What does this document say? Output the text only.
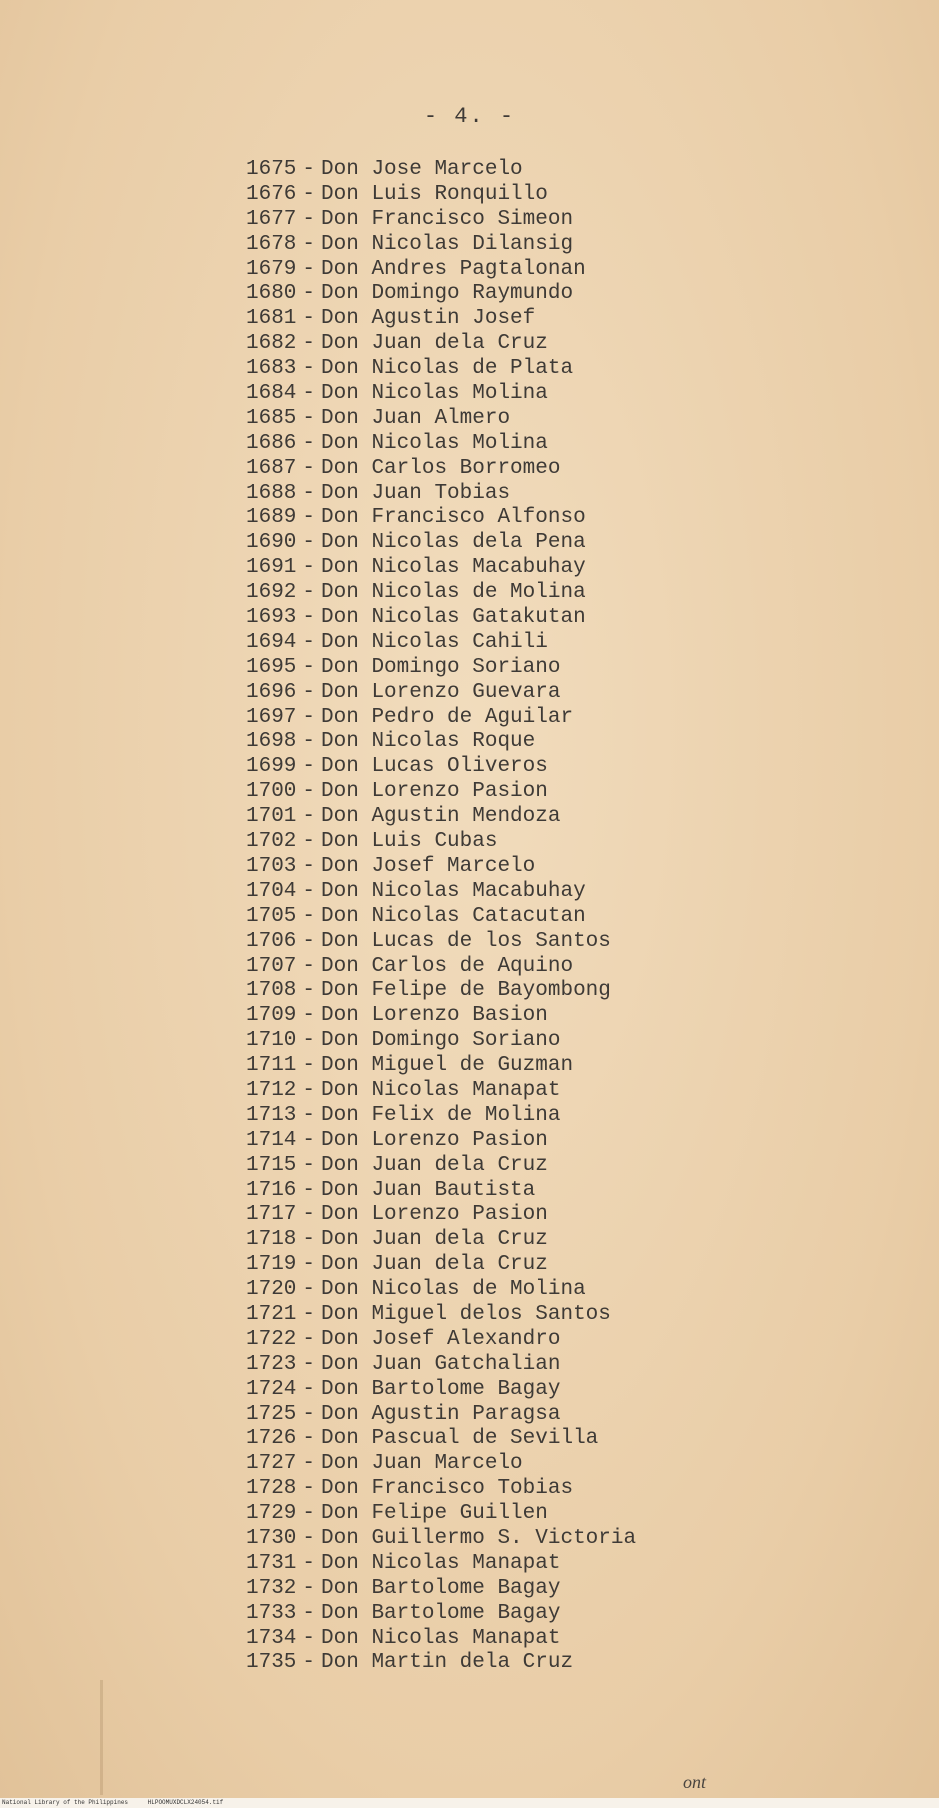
- 4. -
1675 - Don Jose Marcelo
1676 - Don Luis Ronquillo
1677 - Don Francisco Simeon
1678 - Don Nicolas Dilansig
1679 - Don Andres Pagtalonan
1680 - Don Domingo Raymundo
1681 - Don Agustin Josef
1682 - Don Juan dela Cruz
1683 - Don Nicolas de Plata
1684 - Don Nicolas Molina
1685 - Don Juan Almero
1686 - Don Nicolas Molina
1687 - Don Carlos Borromeo
1688 - Don Juan Tobias
1689 - Don Francisco Alfonso
1690 - Don Nicolas dela Pena
1691 - Don Nicolas Macabuhay
1692 - Don Nicolas de Molina
1693 - Don Nicolas Gatakutan
1694 - Don Nicolas Cahili
1695 - Don Domingo Soriano
1696 - Don Lorenzo Guevara
1697 - Don Pedro de Aguilar
1698 - Don Nicolas Roque
1699 - Don Lucas Oliveros
1700 - Don Lorenzo Pasion
1701 - Don Agustin Mendoza
1702 - Don Luis Cubas
1703 - Don Josef Marcelo
1704 - Don Nicolas Macabuhay
1705 - Don Nicolas Catacutan
1706 - Don Lucas de los Santos
1707 - Don Carlos de Aquino
1708 - Don Felipe de Bayombong
1709 - Don Lorenzo Basion
1710 - Don Domingo Soriano
1711 - Don Miguel de Guzman
1712 - Don Nicolas Manapat
1713 - Don Felix de Molina
1714 - Don Lorenzo Pasion
1715 - Don Juan dela Cruz
1716 - Don Juan Bautista
1717 - Don Lorenzo Pasion
1718 - Don Juan dela Cruz
1719 - Don Juan dela Cruz
1720 - Don Nicolas de Molina
1721 - Don Miguel delos Santos
1722 - Don Josef Alexandro
1723 - Don Juan Gatchalian
1724 - Don Bartolome Bagay
1725 - Don Agustin Paragsa
1726 - Don Pascual de Sevilla
1727 - Don Juan Marcelo
1728 - Don Francisco Tobias
1729 - Don Felipe Guillen
1730 - Don Guillermo S. Victoria
1731 - Don Nicolas Manapat
1732 - Don Bartolome Bagay
1733 - Don Bartolome Bagay
1734 - Don Nicolas Manapat
1735 - Don Martin dela Cruz
ont
National Library of the Philippines	HLPOOMUXDCLX24054.tif
